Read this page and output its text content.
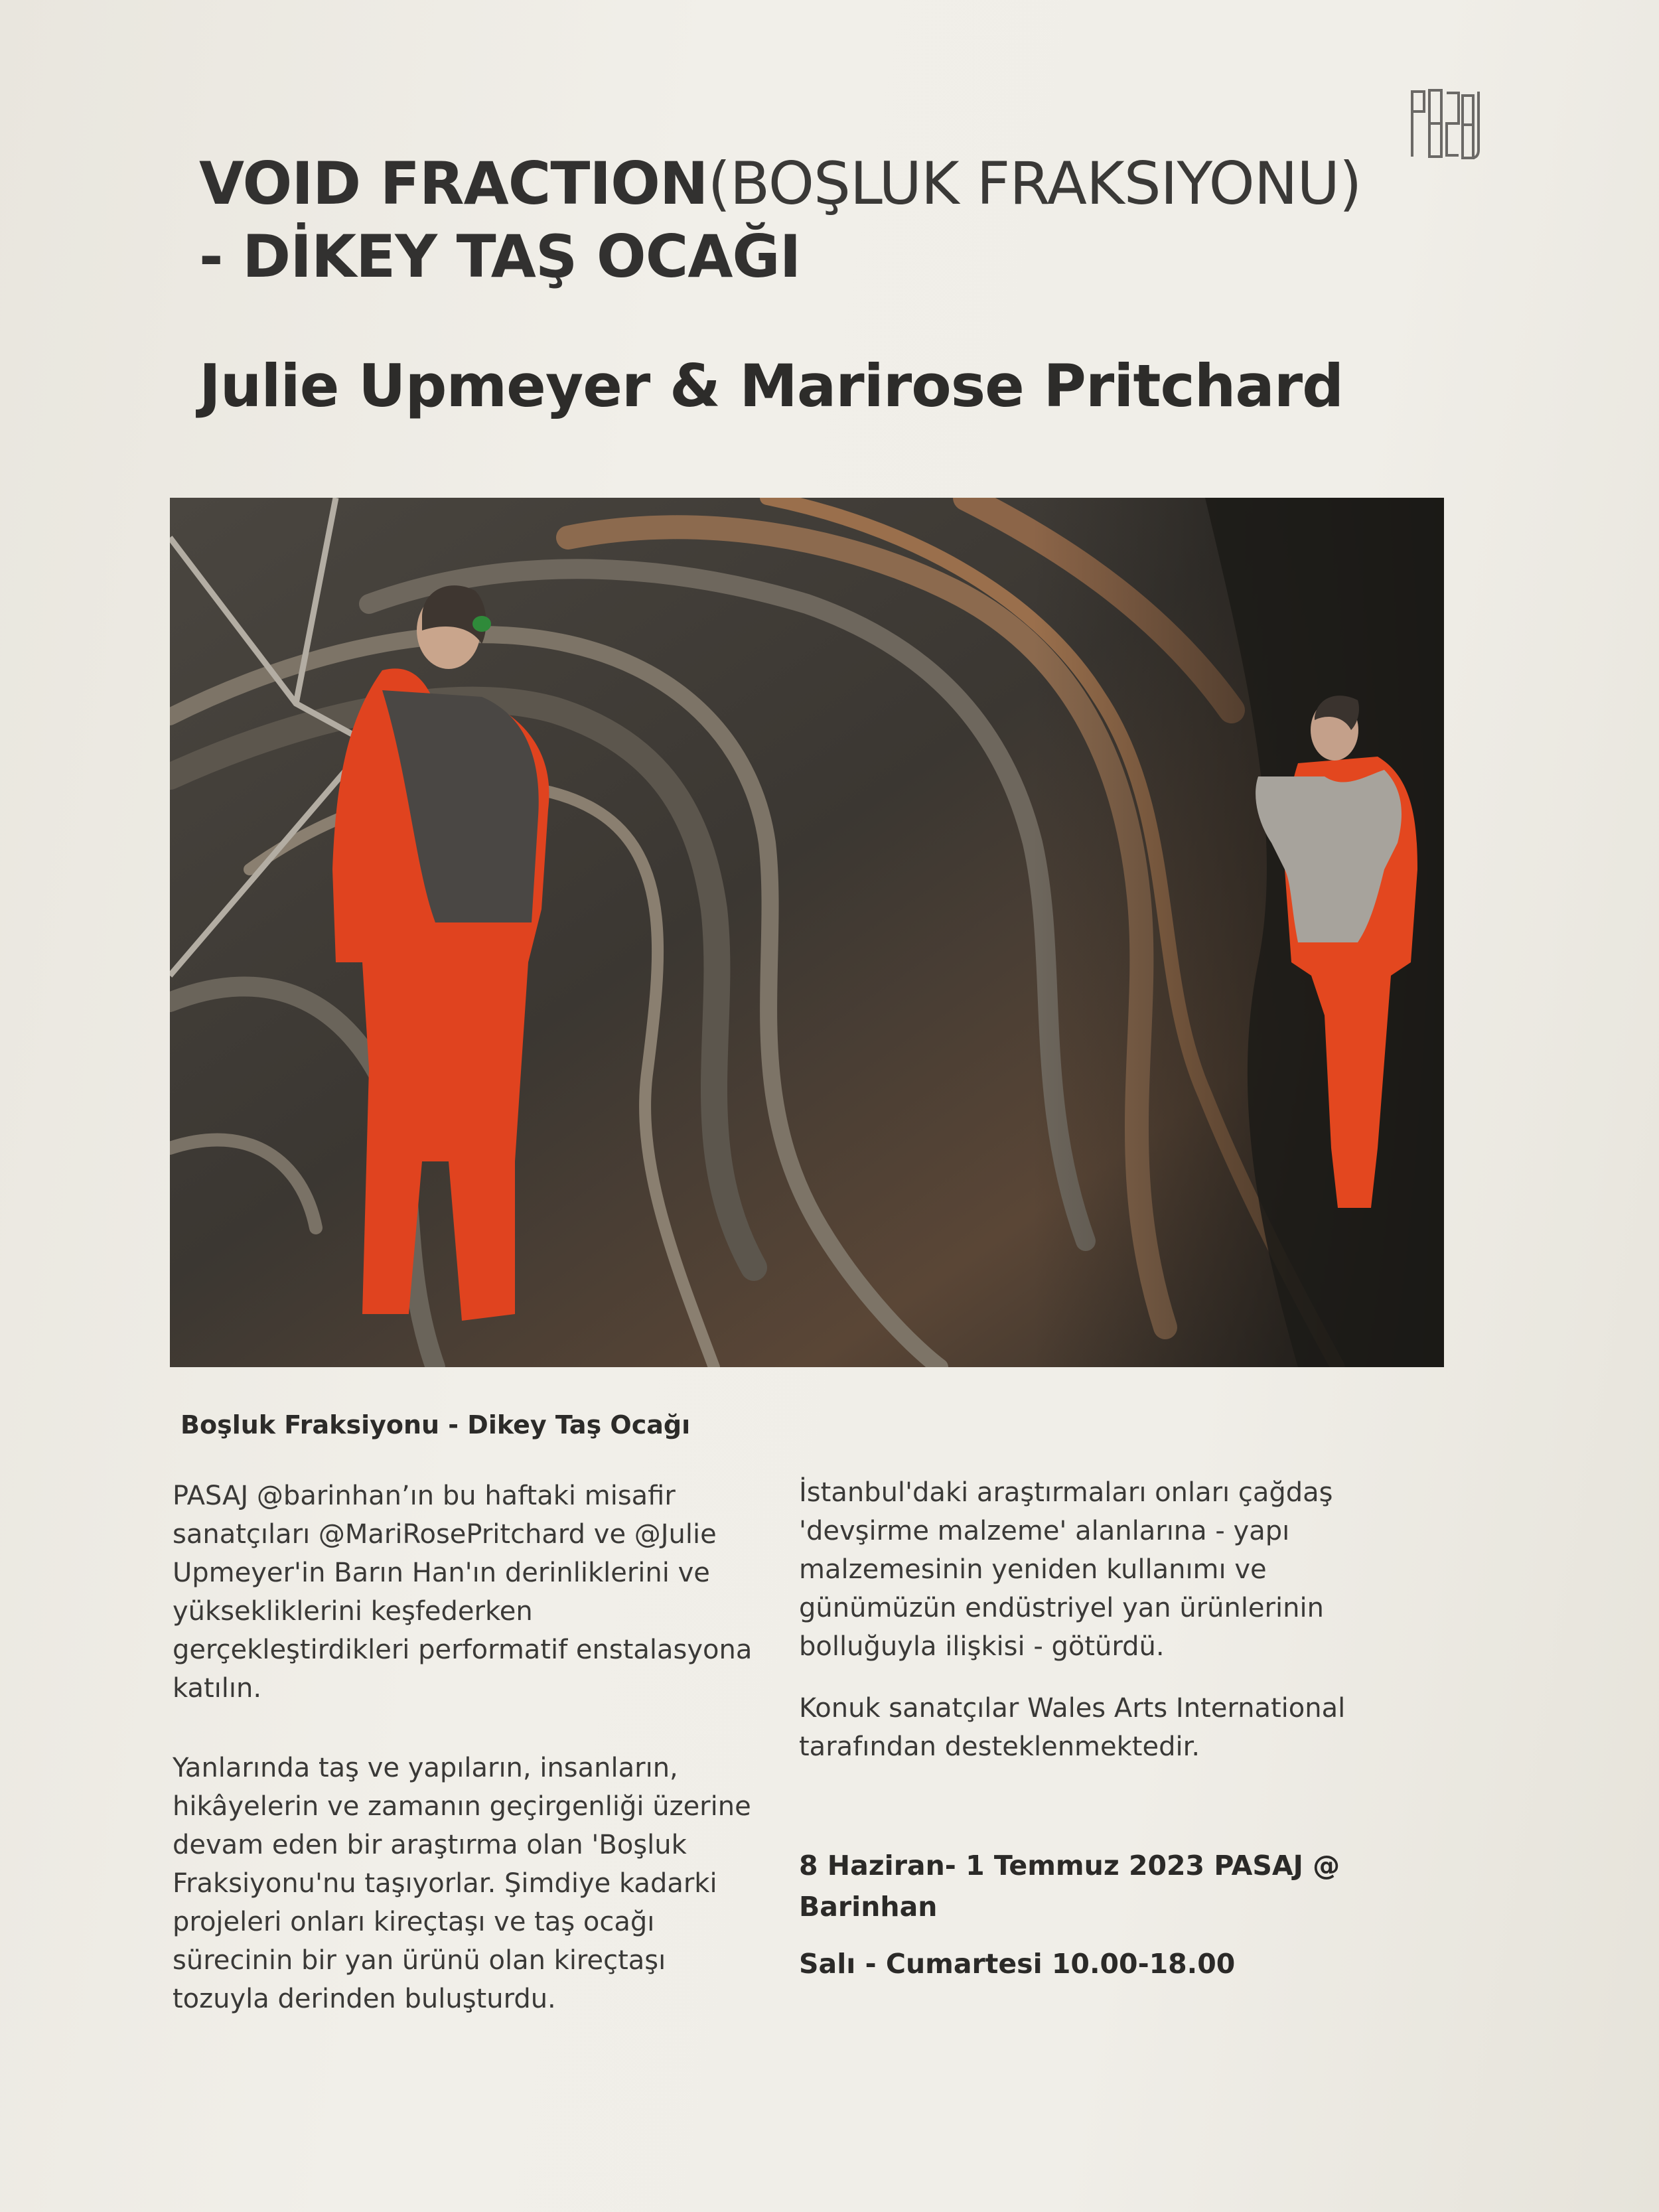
VOID FRACTION(BOŞLUK FRAKSIYONU)
- DİKEY TAŞ OCAĞI
Julie Upmeyer & Marirose Pritchard
Boşluk Fraksiyonu - Dikey Taş Ocağı

PASAJ @barinhan’ın bu haftaki misafir sanatçıları @MariRosePritchard ve @Julie Upmeyer'in Barın Han'ın derinliklerini ve yüksekliklerini keşfederken gerçekleştirdikleri performatif enstalasyona katılın.

Yanlarında taş ve yapıların, insanların, hikâyelerin ve zamanın geçirgenliği üzerine devam eden bir araştırma olan 'Boşluk Fraksiyonu'nu taşıyorlar. Şimdiye kadarki projeleri onları kireçtaşı ve taş ocağı sürecinin bir yan ürünü olan kireçtaşı tozuyla derinden buluşturdu.

İstanbul'daki araştırmaları onları çağdaş 'devşirme malzeme' alanlarına - yapı malzemesinin yeniden kullanımı ve günümüzün endüstriyel yan ürünlerinin bolluğuyla ilişkisi - götürdü.

Konuk sanatçılar Wales Arts International tarafından desteklenmektedir.

8 Haziran- 1 Temmuz 2023 PASAJ @ Barinhan

Salı - Cumartesi 10.00-18.00
